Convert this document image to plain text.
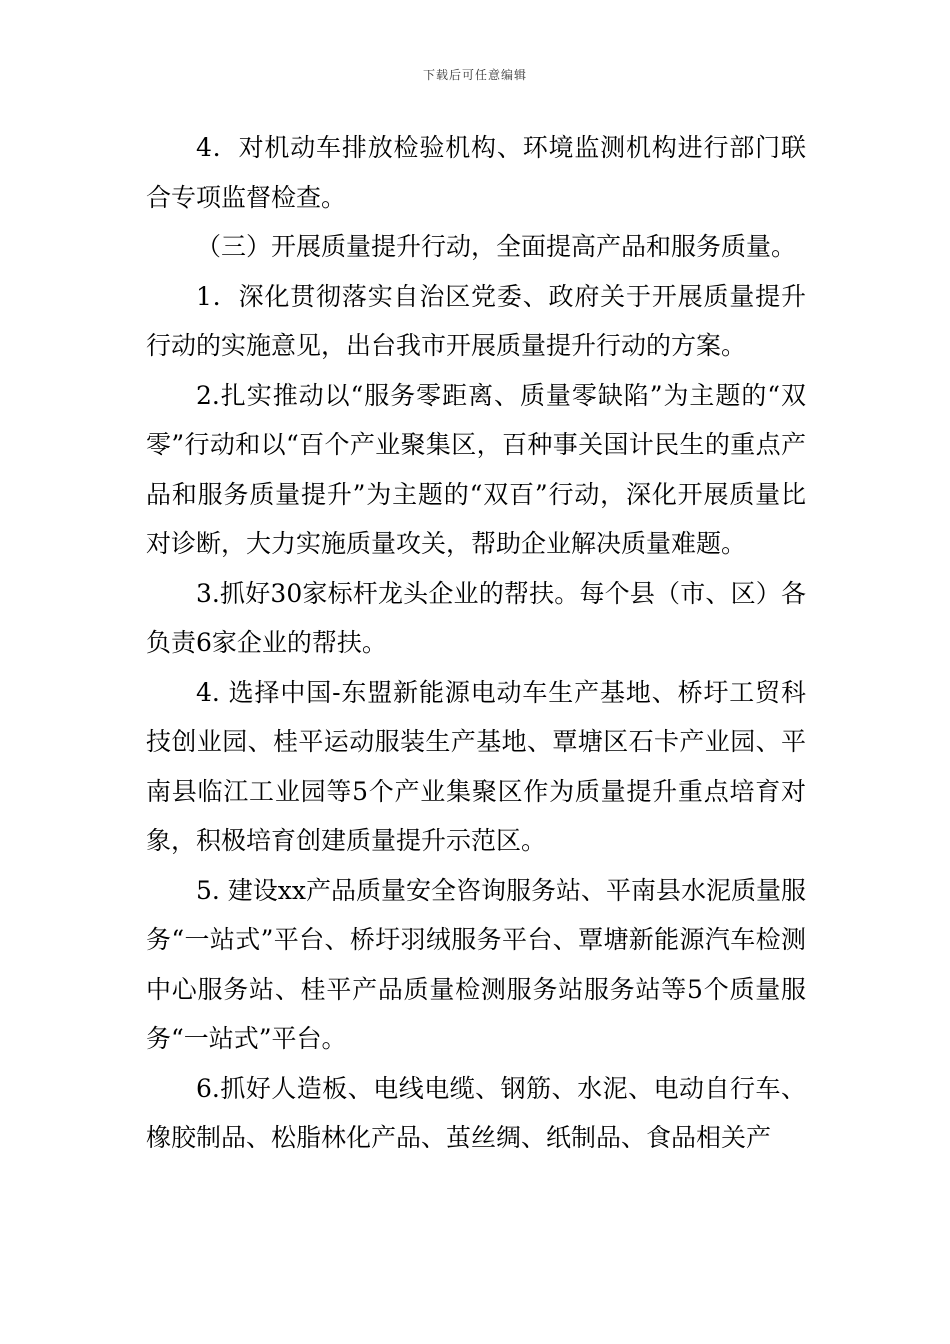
下载后可任意编辑

4．对机动车排放检验机构、环境监测机构进行部门联合专项监督检查。

（三）开展质量提升行动，全面提高产品和服务质量。

1．深化贯彻落实自治区党委、政府关于开展质量提升行动的实施意见，出台我市开展质量提升行动的方案。

2.扎实推动以“服务零距离、质量零缺陷”为主题的“双零”行动和以“百个产业聚集区，百种事关国计民生的重点产品和服务质量提升”为主题的“双百”行动，深化开展质量比对诊断，大力实施质量攻关，帮助企业解决质量难题。

3.抓好30家标杆龙头企业的帮扶。每个县（市、区）各负责6家企业的帮扶。

4. 选择中国-东盟新能源电动车生产基地、桥圩工贸科技创业园、桂平运动服装生产基地、覃塘区石卡产业园、平南县临江工业园等5个产业集聚区作为质量提升重点培育对象，积极培育创建质量提升示范区。

5. 建设xx产品质量安全咨询服务站、平南县水泥质量服务“一站式”平台、桥圩羽绒服务平台、覃塘新能源汽车检测中心服务站、桂平产品质量检测服务站服务站等5个质量服务“一站式”平台。

6.抓好人造板、电线电缆、钢筋、水泥、电动自行车、橡胶制品、松脂林化产品、茧丝绸、纸制品、食品相关产
